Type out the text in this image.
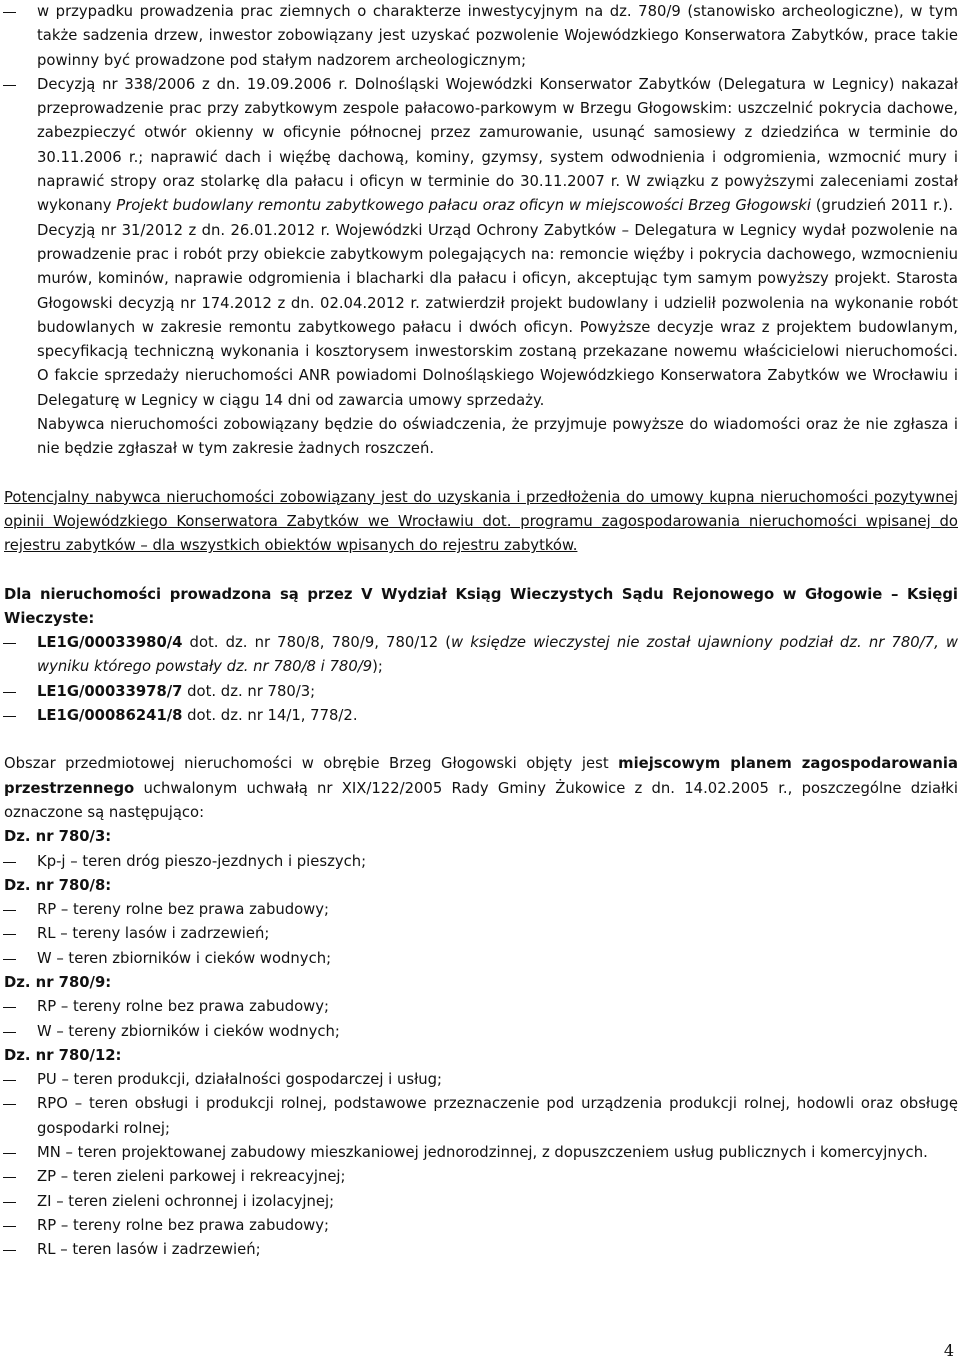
w przypadku prowadzenia prac ziemnych o charakterze inwestycyjnym na dz. 780/9 (stanowisko archeologiczne), w tym także sadzenia drzew, inwestor zobowiązany jest uzyskać pozwolenie Wojewódzkiego Konserwatora Zabytków, prace takie powinny być prowadzone pod stałym nadzorem archeologicznym;
Decyzją nr 338/2006 z dn. 19.09.2006 r. Dolnośląski Wojewódzki Konserwator Zabytków (Delegatura w Legnicy) nakazał przeprowadzenie prac przy zabytkowym zespole pałacowo-parkowym w Brzegu Głogowskim: uszczelnić pokrycia dachowe, zabezpieczyć otwór okienny w oficynie północnej przez zamurowanie, usunąć samosiewy z dziedzińca w terminie do 30.11.2006 r.; naprawić dach i więźbę dachową, kominy, gzymsy, system odwodnienia i odgromienia, wzmocnić mury i naprawić stropy oraz stolarkę dla pałacu i oficyn w terminie do 30.11.2007 r. W związku z powyższymi zaleceniami został wykonany Projekt budowlany remontu zabytkowego pałacu oraz oficyn w miejscowości Brzeg Głogowski (grudzień 2011 r.).

Decyzją nr 31/2012 z dn. 26.01.2012 r. Wojewódzki Urząd Ochrony Zabytków – Delegatura w Legnicy wydał pozwolenie na prowadzenie prac i robót przy obiekcie zabytkowym polegających na: remoncie więźby i pokrycia dachowego, wzmocnieniu murów, kominów, naprawie odgromienia i blacharki dla pałacu i oficyn, akceptując tym samym powyższy projekt. Starosta Głogowski decyzją nr 174.2012 z dn. 02.04.2012 r. zatwierdził projekt budowlany i udzielił pozwolenia na wykonanie robót budowlanych w zakresie remontu zabytkowego pałacu i dwóch oficyn. Powyższe decyzje wraz z projektem budowlanym, specyfikacją techniczną wykonania i kosztorysem inwestorskim zostaną przekazane nowemu właścicielowi nieruchomości. O fakcie sprzedaży nieruchomości ANR powiadomi Dolnośląskiego Wojewódzkiego Konserwatora Zabytków we Wrocławiu i Delegaturę w Legnicy w ciągu 14 dni od zawarcia umowy sprzedaży.

Nabywca nieruchomości zobowiązany będzie do oświadczenia, że przyjmuje powyższe do wiadomości oraz że nie zgłasza i nie będzie zgłaszał w tym zakresie żadnych roszczeń.

Potencjalny nabywca nieruchomości zobowiązany jest do uzyskania i przedłożenia do umowy kupna nieruchomości pozytywnej opinii Wojewódzkiego Konserwatora Zabytków we Wrocławiu dot. programu zagospodarowania nieruchomości wpisanej do rejestru zabytków – dla wszystkich obiektów wpisanych do rejestru zabytków.

Dla nieruchomości prowadzona są przez V Wydział Ksiąg Wieczystych Sądu Rejonowego w Głogowie – Księgi Wieczyste:

LE1G/00033980/4 dot. dz. nr 780/8, 780/9, 780/12 (w księdze wieczystej nie został ujawniony podział dz. nr 780/7, w wyniku którego powstały dz. nr 780/8 i 780/9);
LE1G/00033978/7 dot. dz. nr 780/3;
LE1G/00086241/8 dot. dz. nr 14/1, 778/2.

Obszar przedmiotowej nieruchomości w obrębie Brzeg Głogowski objęty jest miejscowym planem zagospodarowania przestrzennego uchwalonym uchwałą nr XIX/122/2005 Rady Gminy Żukowice z dn. 14.02.2005 r., poszczególne działki oznaczone są następująco:

Dz. nr 780/3:

Kp-j – teren dróg pieszo-jezdnych i pieszych;

Dz. nr 780/8:

RP – tereny rolne bez prawa zabudowy;
RL – tereny lasów i zadrzewień;
W – teren zbiorników i cieków wodnych;

Dz. nr 780/9:

RP – tereny rolne bez prawa zabudowy;
W – tereny zbiorników i cieków wodnych;

Dz. nr 780/12:

PU – teren produkcji, działalności gospodarczej i usług;
RPO – teren obsługi i produkcji rolnej, podstawowe przeznaczenie pod urządzenia produkcji rolnej, hodowli oraz obsługę gospodarki rolnej;
MN – teren projektowanej zabudowy mieszkaniowej jednorodzinnej, z dopuszczeniem usług publicznych i komercyjnych.
ZP – teren zieleni parkowej i rekreacyjnej;
ZI – teren zieleni ochronnej i izolacyjnej;
RP – tereny rolne bez prawa zabudowy;
RL – teren lasów i zadrzewień;
4
